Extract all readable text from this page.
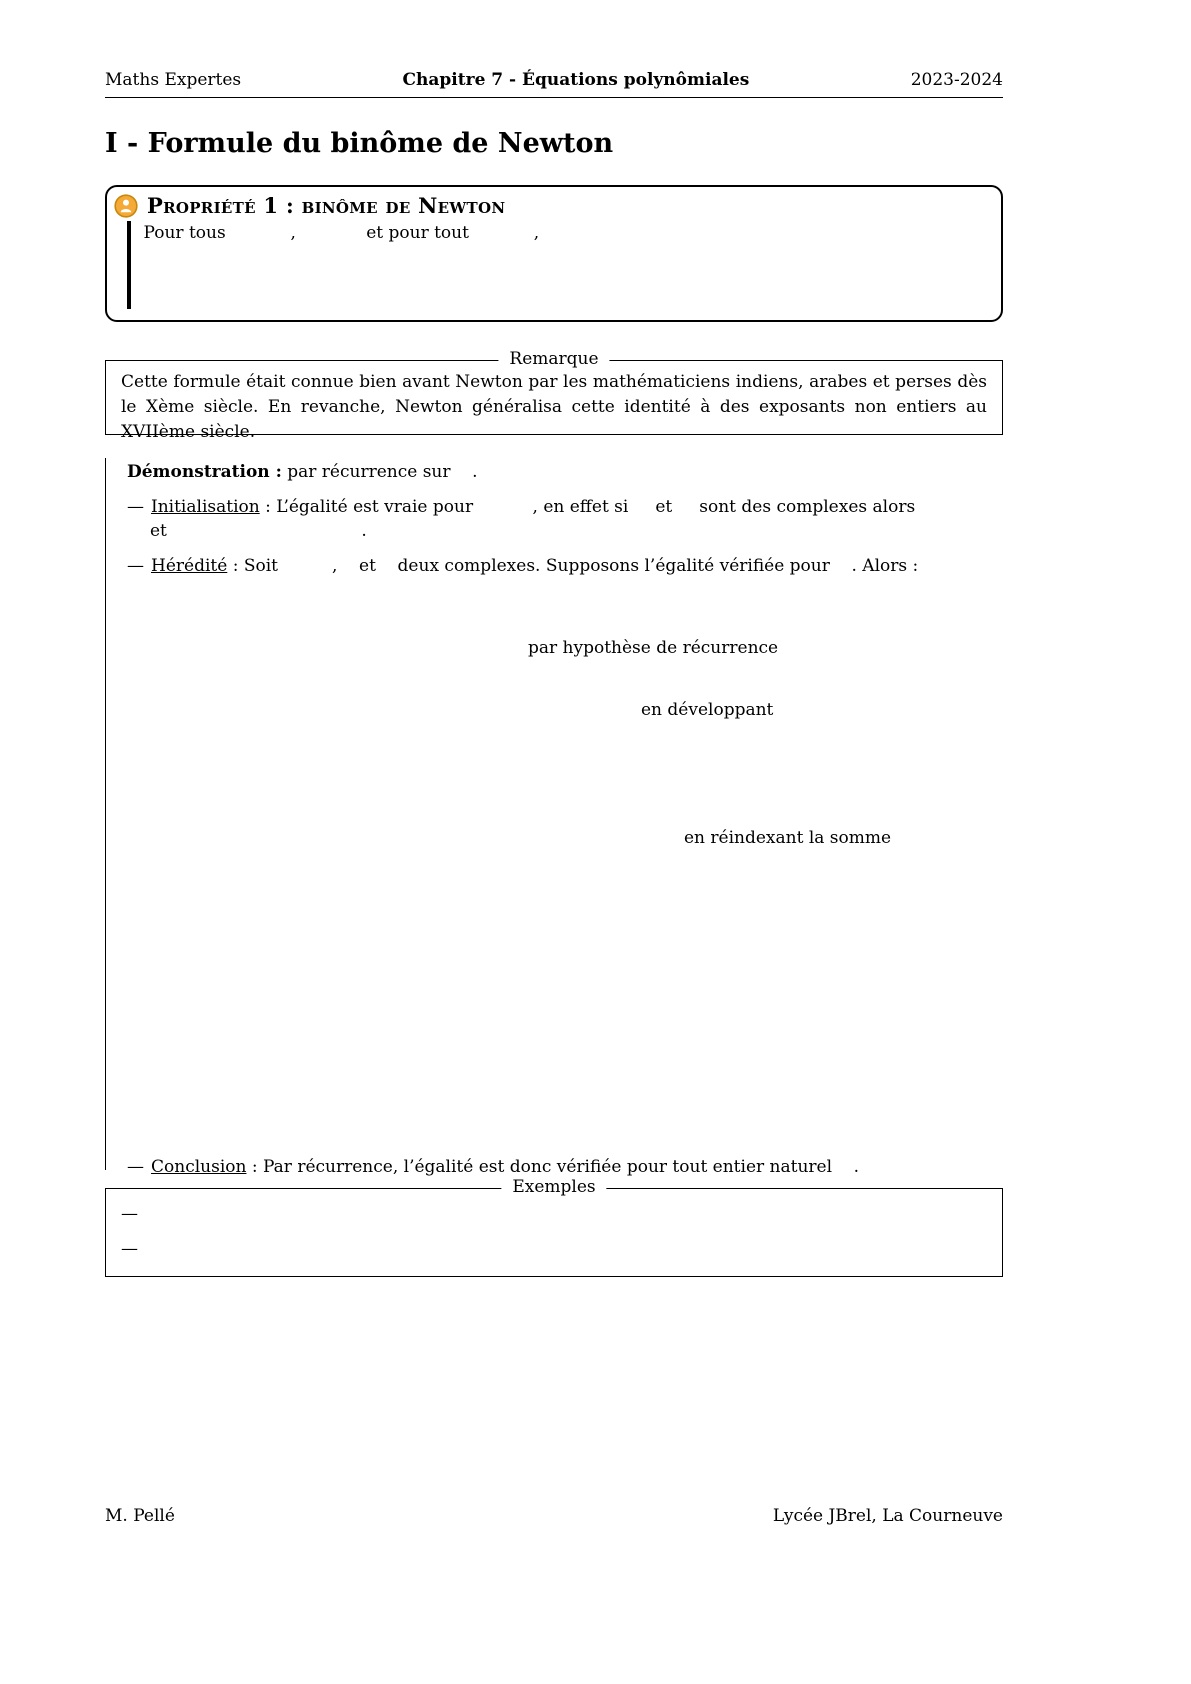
Maths Expertes	Chapitre 7 - Équations polynômiales	2023-2024
I - Formule du binôme de Newton
Propriété 1 : binôme de Newton

Pour tous            ,             et pour tout            ,

Remarque

Cette formule était connue bien avant Newton par les mathématiciens indiens, arabes et perses dès le Xème siècle. En revanche, Newton généralisa cette identité à des exposants non entiers au XVIIème siècle.

Démonstration : par récurrence sur    .

— Initialisation : L’égalité est vraie pour           , en effet si     et     sont des complexes alors

et                                    .

— Hérédité : Soit          ,    et    deux complexes. Supposons l’égalité vérifiée pour    . Alors :

par hypothèse de récurrence
en développant
en réindexant la somme

— Conclusion : Par récurrence, l’égalité est donc vérifiée pour tout entier naturel    .

Exemples

—

—

M. Pellé	Lycée JBrel, La Courneuve
